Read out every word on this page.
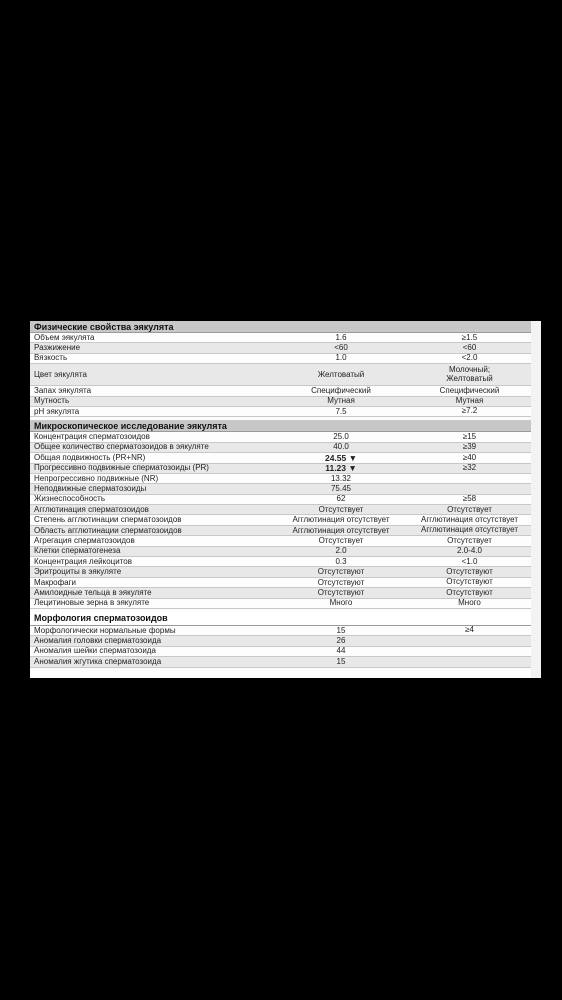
Физические свойства эякулята
Объем эякулята	1.6	≥1.5
Разжижение	<60	<60
Вязкость	1.0	<2.0
Цвет эякулята	Желтоватый	Молочный;
Желтоватый
Запах эякулята	Специфический	Специфический
Мутность	Мутная	Мутная
pH эякулята	7.5	≥7.2
Микроскопическое исследование эякулята
Концентрация сперматозоидов	25.0	≥15
Общее количество сперматозоидов в эякуляте	40.0	≥39
Общая подвижность (PR+NR)	24.55 ▼	≥40
Прогрессивно подвижные сперматозоиды (PR)	11.23 ▼	≥32
Непрогрессивно подвижные (NR)	13.32
Неподвижные сперматозоиды	75.45
Жизнеспособность	62	≥58
Агглютинация сперматозоидов	Отсутствует	Отсутствует
Степень агглютинации сперматозоидов	Агглютинация отсутствует	Агглютинация отсутствует
Область агглютинации сперматозоидов	Агглютинация отсутствует	Агглютинация отсутствует
Агрегация сперматозоидов	Отсутствует	Отсутствует
Клетки сперматогенеза	2.0	2.0-4.0
Концентрация лейкоцитов	0.3	<1.0
Эритроциты в эякуляте	Отсутствуют	Отсутствуют
Макрофаги	Отсутствуют	Отсутствуют
Амилоидные тельца в эякуляте	Отсутствуют	Отсутствуют
Лецитиновые зерна в эякуляте	Много	Много
Морфология сперматозоидов
Морфологически нормальные формы	15	≥4
Аномалия головки сперматозоида	26
Аномалия шейки сперматозоида	44
Аномалия жгутика сперматозоида	15
